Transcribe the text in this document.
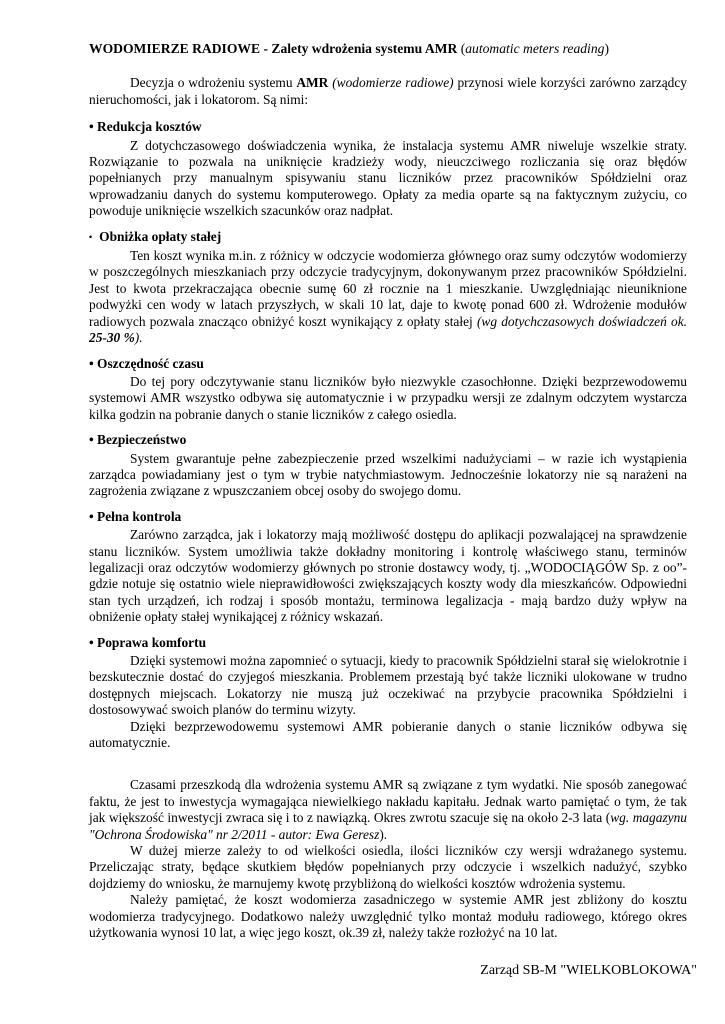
WODOMIERZE RADIOWE - Zalety wdrożenia systemu AMR (automatic meters reading)

Decyzja o wdrożeniu systemu AMR (wodomierze radiowe) przynosi wiele korzyści zarówno zarządcy nieruchomości, jak i lokatorom. Są nimi:

• Redukcja kosztów

Z dotychczasowego doświadczenia wynika, że instalacja systemu AMR niweluje wszelkie straty. Rozwiązanie to pozwala na uniknięcie kradzieży wody, nieuczciwego rozliczania się oraz błędów popełnianych przy manualnym spisywaniu stanu liczników przez pracowników Spółdzielni oraz wprowadzaniu danych do systemu komputerowego. Opłaty za media oparte są na faktycznym zużyciu, co powoduje uniknięcie wszelkich szacunków oraz nadpłat.

• Obniżka opłaty stałej

Ten koszt wynika m.in. z różnicy w odczycie wodomierza głównego oraz sumy odczytów wodomierzy w poszczególnych mieszkaniach przy odczycie tradycyjnym, dokonywanym przez pracowników Spółdzielni. Jest to kwota przekraczająca obecnie sumę 60 zł rocznie na 1 mieszkanie. Uwzględniając nieuniknione podwyżki cen wody w latach przyszłych, w skali 10 lat, daje to kwotę ponad 600 zł. Wdrożenie modułów radiowych pozwala znacząco obniżyć koszt wynikający z opłaty stałej (wg dotychczasowych doświadczeń ok. 25-30 %).

• Oszczędność czasu

Do tej pory odczytywanie stanu liczników było niezwykle czasochłonne. Dzięki bezprzewodowemu systemowi AMR wszystko odbywa się automatycznie i w przypadku wersji ze zdalnym odczytem wystarcza kilka godzin na pobranie danych o stanie liczników z całego osiedla.

• Bezpieczeństwo

System gwarantuje pełne zabezpieczenie przed wszelkimi nadużyciami – w razie ich wystąpienia zarządca powiadamiany jest o tym w trybie natychmiastowym. Jednocześnie lokatorzy nie są narażeni na zagrożenia związane z wpuszczaniem obcej osoby do swojego domu.

• Pełna kontrola

Zarówno zarządca, jak i lokatorzy mają możliwość dostępu do aplikacji pozwalającej na sprawdzenie stanu liczników. System umożliwia także dokładny monitoring i kontrolę właściwego stanu, terminów legalizacji oraz odczytów wodomierzy głównych po stronie dostawcy wody, tj. „WODOCIĄGÓW Sp. z oo”- gdzie notuje się ostatnio wiele nieprawidłowości zwiększających koszty wody dla mieszkańców. Odpowiedni stan tych urządzeń, ich rodzaj i sposób montażu, terminowa legalizacja - mają bardzo duży wpływ na obniżenie opłaty stałej wynikającej z różnicy wskazań.

• Poprawa komfortu

Dzięki systemowi można zapomnieć o sytuacji, kiedy to pracownik Spółdzielni starał się wielokrotnie i bezskutecznie dostać do czyjegoś mieszkania. Problemem przestają być także liczniki ulokowane w trudno dostępnych miejscach. Lokatorzy nie muszą już oczekiwać na przybycie pracownika Spółdzielni i dostosowywać swoich planów do terminu wizyty.

Dzięki bezprzewodowemu systemowi AMR pobieranie danych o stanie liczników odbywa się automatycznie.

Czasami przeszkodą dla wdrożenia systemu AMR są związane z tym wydatki. Nie sposób zanegować faktu, że jest to inwestycja wymagająca niewielkiego nakładu kapitału. Jednak warto pamiętać o tym, że tak jak większość inwestycji zwraca się i to z nawiązką. Okres zwrotu szacuje się na około 2-3 lata (wg. magazynu "Ochrona Środowiska" nr 2/2011 - autor: Ewa Geresz).

W dużej mierze zależy to od wielkości osiedla, ilości liczników czy wersji wdrażanego systemu. Przeliczając straty, będące skutkiem błędów popełnianych przy odczycie i wszelkich nadużyć, szybko dojdziemy do wniosku, że marnujemy kwotę przybliżoną do wielkości kosztów wdrożenia systemu.

Należy pamiętać, że koszt wodomierza zasadniczego w systemie AMR jest zbliżony do kosztu wodomierza tradycyjnego. Dodatkowo należy uwzględnić tylko montaż modułu radiowego, którego okres użytkowania wynosi 10 lat, a więc jego koszt, ok.39 zł, należy także rozłożyć na 10 lat.

Zarząd SB-M "WIELKOBLOKOWA"
